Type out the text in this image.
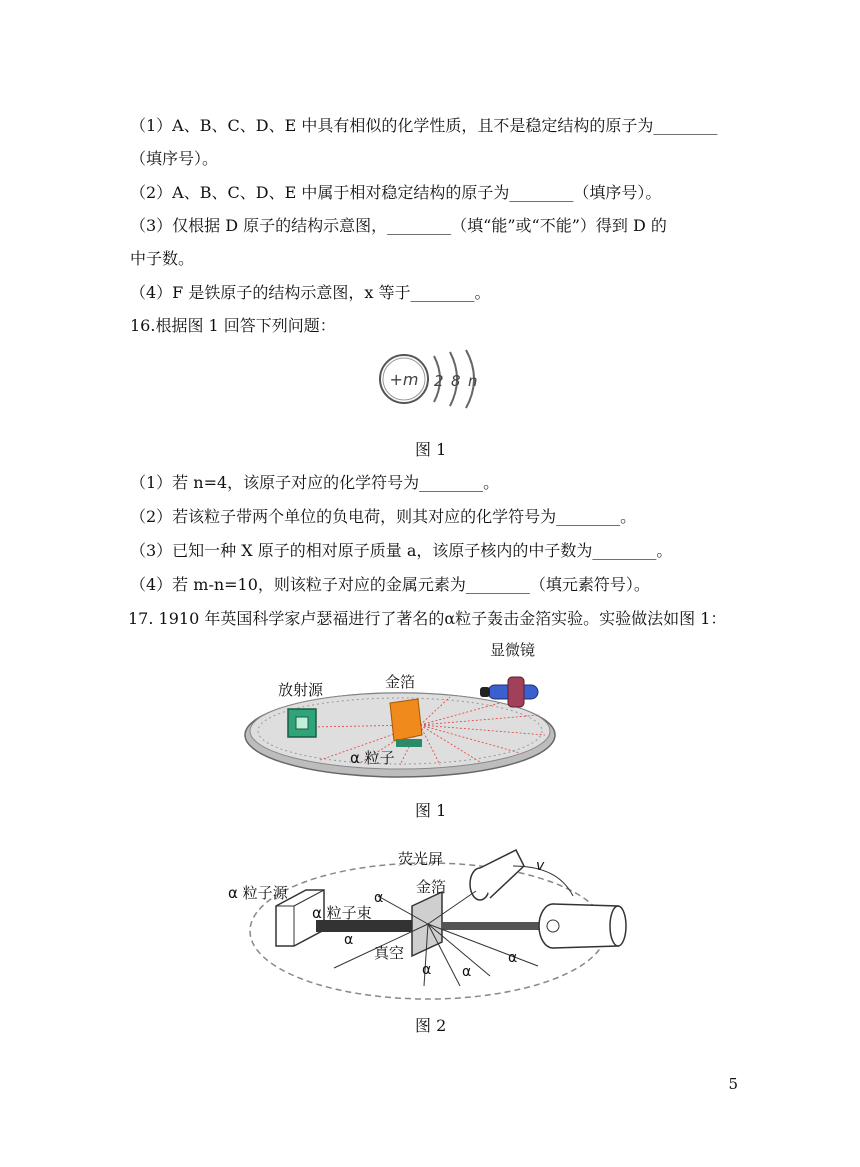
（1）A、B、C、D、E 中具有相似的化学性质，且不是稳定结构的原子为________
（填序号）。
（2）A、B、C、D、E 中属于相对稳定结构的原子为________（填序号）。
（3）仅根据 D 原子的结构示意图，________（填“能”或“不能”）得到 D 的
中子数。
（4）F 是铁原子的结构示意图，x 等于________。
16.根据图 1 回答下列问题：
+m 2 8 n
图 1
（1）若 n=4，该原子对应的化学符号为________。
（2）若该粒子带两个单位的负电荷，则其对应的化学符号为________。
（3）已知一种 X 原子的相对原子质量 a，该原子核内的中子数为________。
（4）若 m-n=10，则该粒子对应的金属元素为________（填元素符号）。
17. 1910 年英国科学家卢瑟福进行了著名的α粒子轰击金箔实验。实验做法如图 1：
显微镜
放射源	金箔
α 粒子
图 1
荧光屏
α 粒子源	金箔
α 粒子束
真空
α
α
α α
α
v
图 2
5
